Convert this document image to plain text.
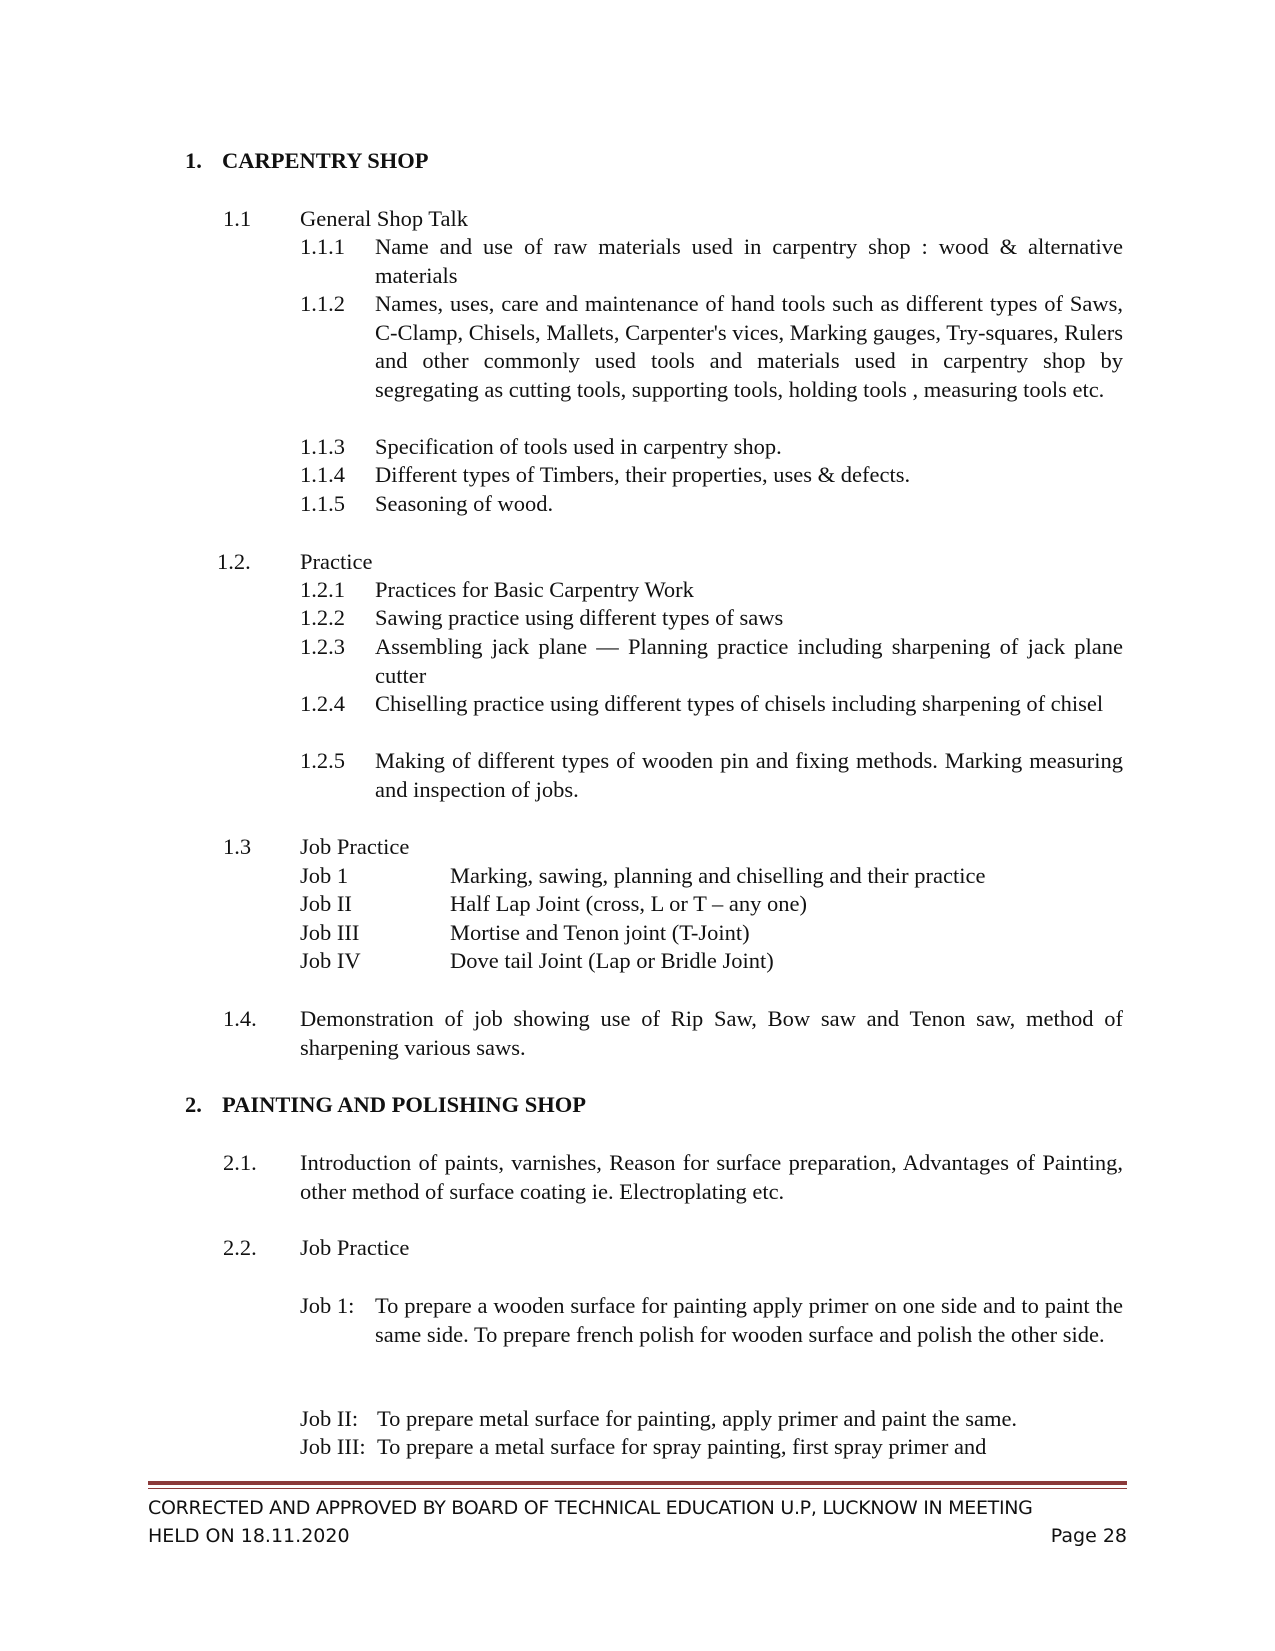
1. CARPENTRY SHOP
1.1 General Shop Talk
1.1.1 Name and use of raw materials used in carpentry shop : wood & alternative materials
1.1.2 Names, uses, care and maintenance of hand tools such as different types of Saws, C-Clamp, Chisels, Mallets, Carpenter's vices, Marking gauges, Try-squares, Rulers and other commonly used tools and materials used in carpentry shop by segregating as cutting tools, supporting tools, holding tools , measuring tools etc.
1.1.3 Specification of tools used in carpentry shop.
1.1.4 Different types of Timbers, their properties, uses & defects.
1.1.5 Seasoning of wood.
1.2. Practice
1.2.1 Practices for Basic Carpentry Work
1.2.2 Sawing practice using different types of saws
1.2.3 Assembling jack plane — Planning practice including sharpening of jack plane cutter
1.2.4 Chiselling practice using different types of chisels including sharpening of chisel
1.2.5 Making of different types of wooden pin and fixing methods. Marking measuring and inspection of jobs.
1.3 Job Practice
Job 1	Marking, sawing, planning and chiselling and their practice
Job II	Half Lap Joint (cross, L or T – any one)
Job III	Mortise and Tenon joint (T-Joint)
Job IV	Dove tail Joint (Lap or Bridle Joint)
1.4. Demonstration of job showing use of Rip Saw, Bow saw and Tenon saw, method of sharpening various saws.
2. PAINTING AND POLISHING SHOP
2.1. Introduction of paints, varnishes, Reason for surface preparation, Advantages of Painting, other method of surface coating ie. Electroplating etc.
2.2. Job Practice
Job 1: To prepare a wooden surface for painting apply primer on one side and to paint the same side. To prepare french polish for wooden surface and polish the other side.
Job II: To prepare metal surface for painting, apply primer and paint the same.
Job III: To prepare a metal surface for spray painting, first spray primer and
CORRECTED AND APPROVED BY BOARD OF TECHNICAL EDUCATION U.P, LUCKNOW IN MEETING
HELD ON 18.11.2020	Page 28
